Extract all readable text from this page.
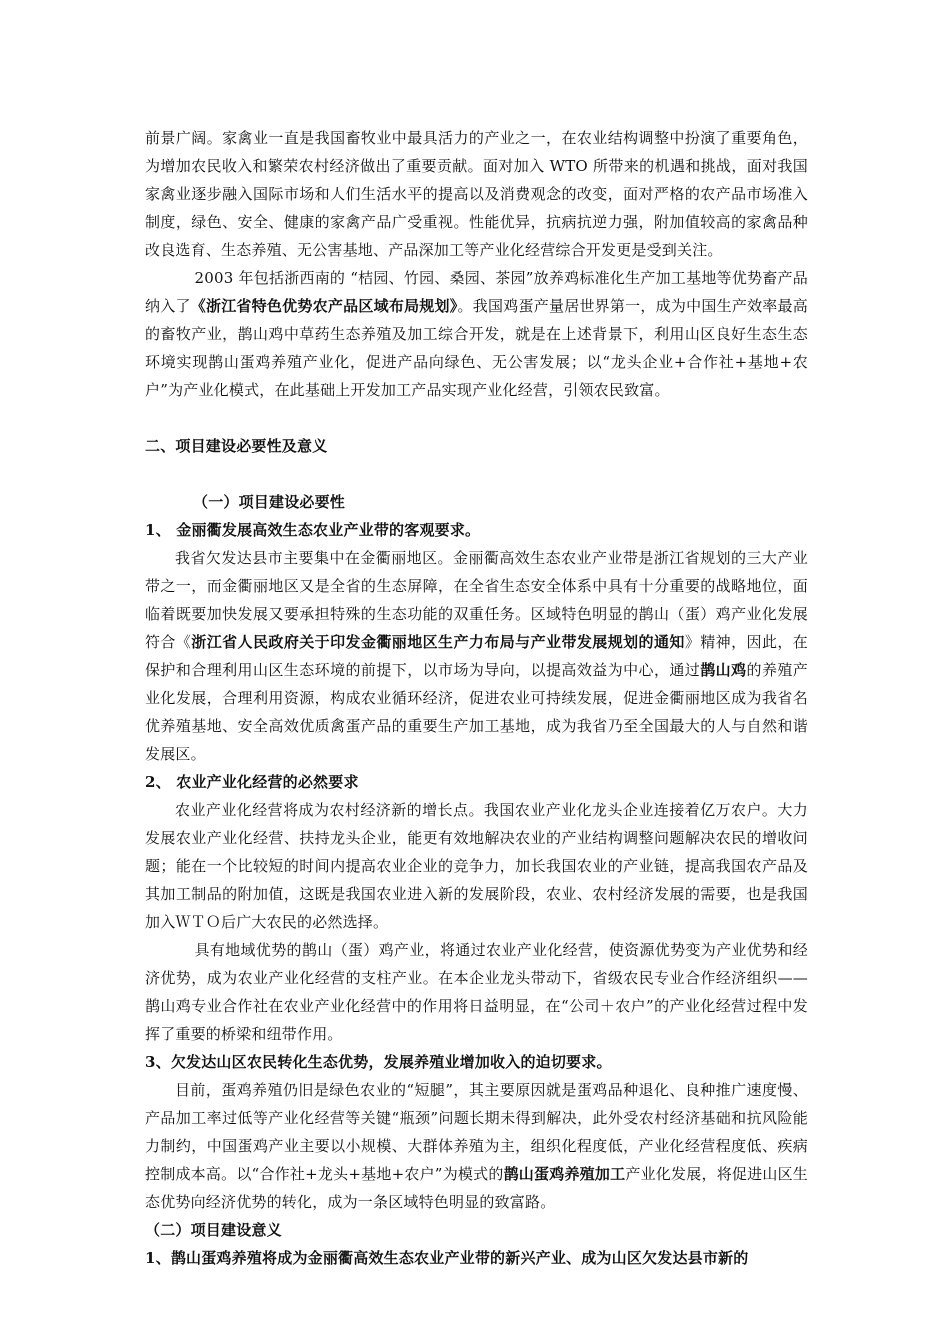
前景广阔。家禽业一直是我国畜牧业中最具活力的产业之一，在农业结构调整中扮演了重要角色，为增加农民收入和繁荣农村经济做出了重要贡献。面对加入 WTO 所带来的机遇和挑战，面对我国家禽业逐步融入国际市场和人们生活水平的提高以及消费观念的改变，面对严格的农产品市场准入制度，绿色、安全、健康的家禽产品广受重视。性能优异，抗病抗逆力强，附加值较高的家禽品种改良选育、生态养殖、无公害基地、产品深加工等产业化经营综合开发更是受到关注。

2003 年包括浙西南的 “桔园、竹园、桑园、茶园”放养鸡标准化生产加工基地等优势畜产品纳入了《浙江省特色优势农产品区域布局规划》。我国鸡蛋产量居世界第一，成为中国生产效率最高的畜牧产业，鹊山鸡中草药生态养殖及加工综合开发，就是在上述背景下，利用山区良好生态生态环境实现鹊山蛋鸡养殖产业化，促进产品向绿色、无公害发展；以“龙头企业+合作社+基地+农户”为产业化模式，在此基础上开发加工产品实现产业化经营，引领农民致富。

二、项目建设必要性及意义

（一）项目建设必要性

1、 金丽衢发展高效生态农业产业带的客观要求。

我省欠发达县市主要集中在金衢丽地区。金丽衢高效生态农业产业带是浙江省规划的三大产业带之一，而金衢丽地区又是全省的生态屏障，在全省生态安全体系中具有十分重要的战略地位，面临着既要加快发展又要承担特殊的生态功能的双重任务。区域特色明显的鹊山（蛋）鸡产业化发展符合《浙江省人民政府关于印发金衢丽地区生产力布局与产业带发展规划的通知》精神，因此，在保护和合理利用山区生态环境的前提下，以市场为导向，以提高效益为中心，通过鹊山鸡的养殖产业化发展，合理利用资源，构成农业循环经济，促进农业可持续发展，促进金衢丽地区成为我省名优养殖基地、安全高效优质禽蛋产品的重要生产加工基地，成为我省乃至全国最大的人与自然和谐发展区。

2、 农业产业化经营的必然要求

农业产业化经营将成为农村经济新的增长点。我国农业产业化龙头企业连接着亿万农户。大力发展农业产业化经营、扶持龙头企业，能更有效地解决农业的产业结构调整问题解决农民的增收问题；能在一个比较短的时间内提高农业企业的竞争力，加长我国农业的产业链，提高我国农产品及其加工制品的附加值，这既是我国农业进入新的发展阶段，农业、农村经济发展的需要，也是我国加入ＷＴＯ后广大农民的必然选择。

具有地域优势的鹊山（蛋）鸡产业，将通过农业产业化经营，使资源优势变为产业优势和经济优势，成为农业产业化经营的支柱产业。在本企业龙头带动下，省级农民专业合作经济组织——鹊山鸡专业合作社在农业产业化经营中的作用将日益明显，在“公司＋农户”的产业化经营过程中发挥了重要的桥梁和纽带作用。

3、欠发达山区农民转化生态优势，发展养殖业增加收入的迫切要求。

目前，蛋鸡养殖仍旧是绿色农业的“短腿”，其主要原因就是蛋鸡品种退化、良种推广速度慢、产品加工率过低等产业化经营等关键“瓶颈”问题长期未得到解决，此外受农村经济基础和抗风险能力制约，中国蛋鸡产业主要以小规模、大群体养殖为主，组织化程度低，产业化经营程度低、疾病控制成本高。以“合作社+龙头+基地+农户”为模式的鹊山蛋鸡养殖加工产业化发展，将促进山区生态优势向经济优势的转化，成为一条区域特色明显的致富路。

（二）项目建设意义

1、鹊山蛋鸡养殖将成为金丽衢高效生态农业产业带的新兴产业、成为山区欠发达县市新的
